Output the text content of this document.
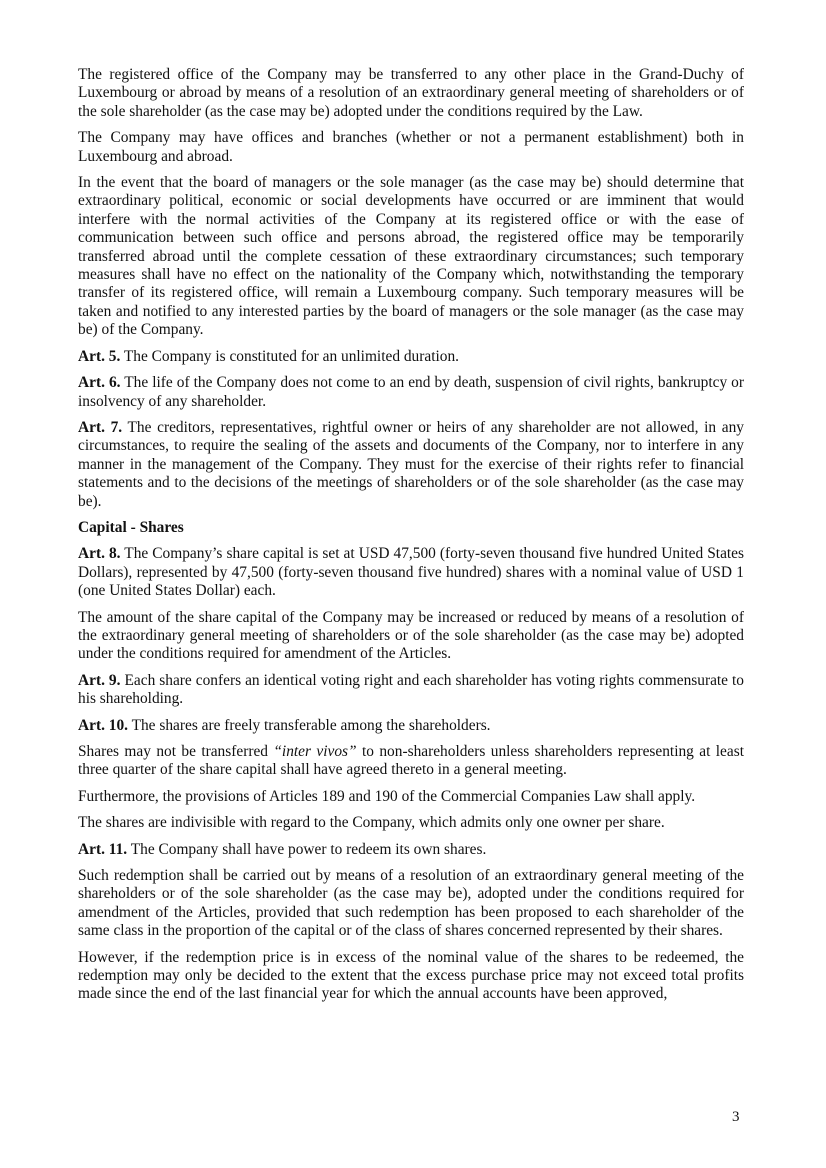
The registered office of the Company may be transferred to any other place in the Grand-Duchy of Luxembourg or abroad by means of a resolution of an extraordinary general meeting of shareholders or of the sole shareholder (as the case may be) adopted under the conditions required by the Law.

The Company may have offices and branches (whether or not a permanent establishment) both in Luxembourg and abroad.

In the event that the board of managers or the sole manager (as the case may be) should determine that extraordinary political, economic or social developments have occurred or are imminent that would interfere with the normal activities of the Company at its registered office or with the ease of communication between such office and persons abroad, the registered office may be temporarily transferred abroad until the complete cessation of these extraordinary circumstances; such temporary measures shall have no effect on the nationality of the Company which, notwithstanding the temporary transfer of its registered office, will remain a Luxembourg company. Such temporary measures will be taken and notified to any interested parties by the board of managers or the sole manager (as the case may be) of the Company.

Art. 5. The Company is constituted for an unlimited duration.

Art. 6. The life of the Company does not come to an end by death, suspension of civil rights, bankruptcy or insolvency of any shareholder.

Art. 7. The creditors, representatives, rightful owner or heirs of any shareholder are not allowed, in any circumstances, to require the sealing of the assets and documents of the Company, nor to interfere in any manner in the management of the Company. They must for the exercise of their rights refer to financial statements and to the decisions of the meetings of shareholders or of the sole shareholder (as the case may be).

Capital - Shares

Art. 8. The Company’s share capital is set at USD 47,500 (forty-seven thousand five hundred United States Dollars), represented by 47,500 (forty-seven thousand five hundred) shares with a nominal value of USD 1 (one United States Dollar) each.

The amount of the share capital of the Company may be increased or reduced by means of a resolution of the extraordinary general meeting of shareholders or of the sole shareholder (as the case may be) adopted under the conditions required for amendment of the Articles.

Art. 9. Each share confers an identical voting right and each shareholder has voting rights commensurate to his shareholding.

Art. 10. The shares are freely transferable among the shareholders.

Shares may not be transferred “inter vivos” to non-shareholders unless shareholders representing at least three quarter of the share capital shall have agreed thereto in a general meeting.

Furthermore, the provisions of Articles 189 and 190 of the Commercial Companies Law shall apply.

The shares are indivisible with regard to the Company, which admits only one owner per share.

Art. 11. The Company shall have power to redeem its own shares.

Such redemption shall be carried out by means of a resolution of an extraordinary general meeting of the shareholders or of the sole shareholder (as the case may be), adopted under the conditions required for amendment of the Articles, provided that such redemption has been proposed to each shareholder of the same class in the proportion of the capital or of the class of shares concerned represented by their shares.

However, if the redemption price is in excess of the nominal value of the shares to be redeemed, the redemption may only be decided to the extent that the excess purchase price may not exceed total profits made since the end of the last financial year for which the annual accounts have been approved,

3
